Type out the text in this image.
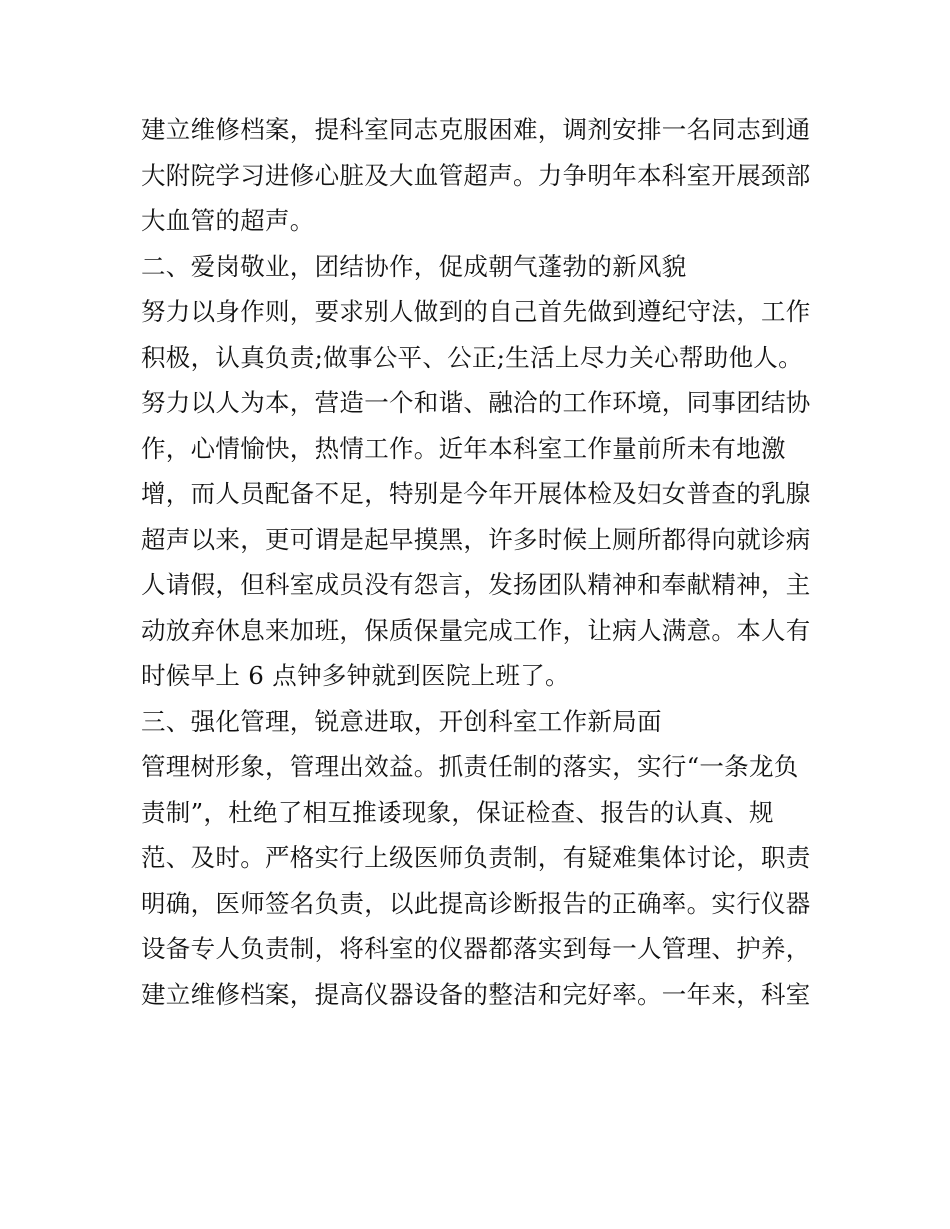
建立维修档案，提科室同志克服困难，调剂安排一名同志到通
大附院学习进修心脏及大血管超声。力争明年本科室开展颈部
大血管的超声。
二、爱岗敬业，团结协作，促成朝气蓬勃的新风貌
努力以身作则，要求别人做到的自己首先做到遵纪守法，工作
积极，认真负责;做事公平、公正;生活上尽力关心帮助他人。
努力以人为本，营造一个和谐、融洽的工作环境，同事团结协
作，心情愉快，热情工作。近年本科室工作量前所未有地激
增，而人员配备不足，特别是今年开展体检及妇女普查的乳腺
超声以来，更可谓是起早摸黑，许多时候上厕所都得向就诊病
人请假，但科室成员没有怨言，发扬团队精神和奉献精神，主
动放弃休息来加班，保质保量完成工作，让病人满意。本人有
时候早上 6 点钟多钟就到医院上班了。
三、强化管理，锐意进取，开创科室工作新局面
管理树形象，管理出效益。抓责任制的落实，实行“一条龙负
责制”，杜绝了相互推诿现象，保证检查、报告的认真、规
范、及时。严格实行上级医师负责制，有疑难集体讨论，职责
明确，医师签名负责，以此提高诊断报告的正确率。实行仪器
设备专人负责制，将科室的仪器都落实到每一人管理、护养，
建立维修档案，提高仪器设备的整洁和完好率。一年来，科室
